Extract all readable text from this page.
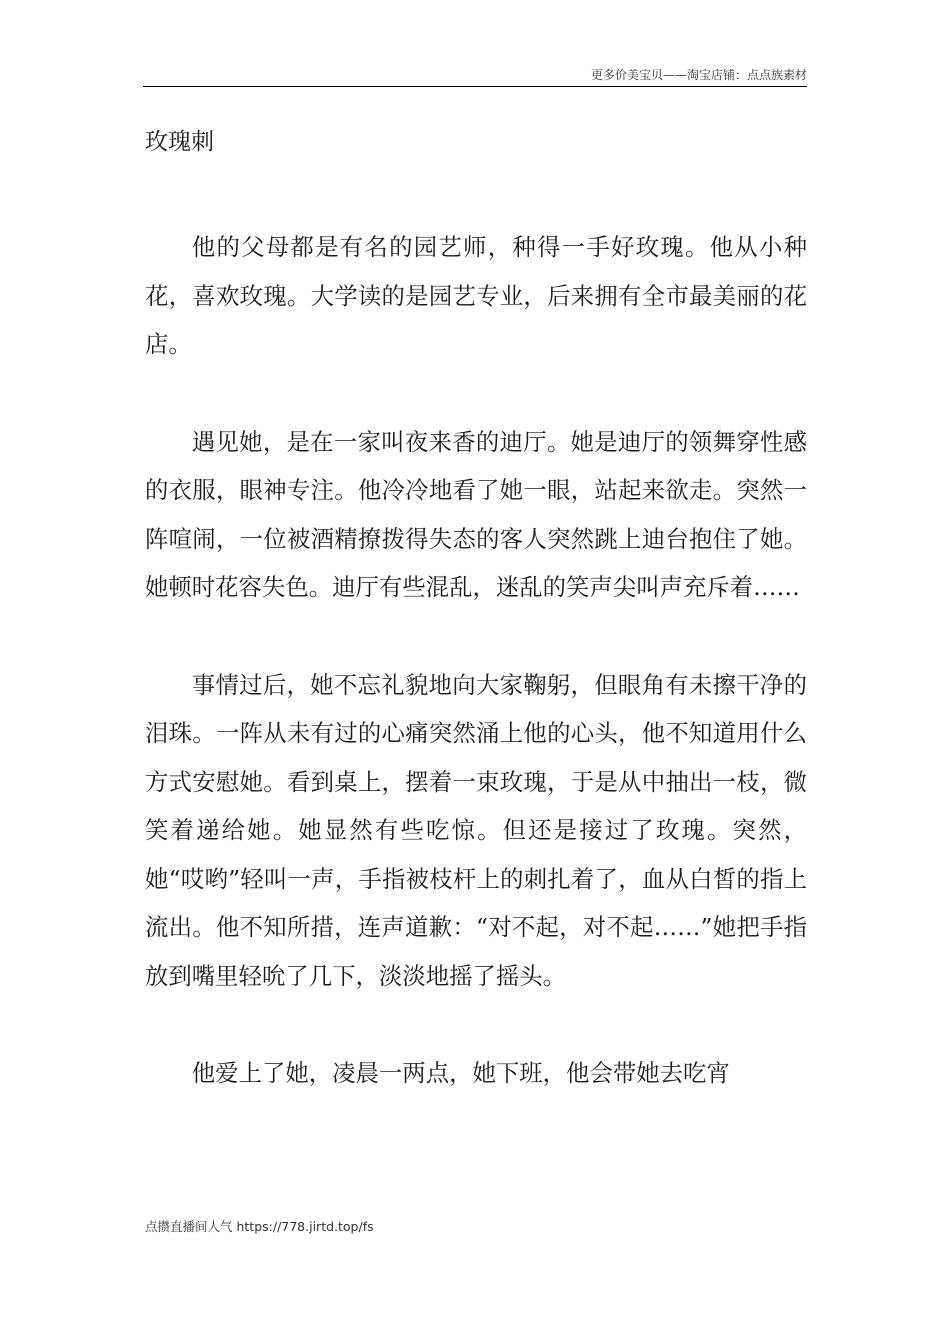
更多价美宝贝——淘宝店铺：点点族素材
玫瑰刺

他的父母都是有名的园艺师，种得一手好玫瑰。他从小种花，喜欢玫瑰。大学读的是园艺专业，后来拥有全市最美丽的花店。

遇见她，是在一家叫夜来香的迪厅。她是迪厅的领舞穿性感的衣服，眼神专注。他冷冷地看了她一眼，站起来欲走。突然一阵喧闹，一位被酒精撩拨得失态的客人突然跳上迪台抱住了她。她顿时花容失色。迪厅有些混乱，迷乱的笑声尖叫声充斥着……

事情过后，她不忘礼貌地向大家鞠躬，但眼角有未擦干净的泪珠。一阵从未有过的心痛突然涌上他的心头，他不知道用什么方式安慰她。看到桌上，摆着一束玫瑰，于是从中抽出一枝，微笑着递给她。她显然有些吃惊。但还是接过了玫瑰。突然，她“哎哟”轻叫一声，手指被枝杆上的刺扎着了，血从白皙的指上流出。他不知所措，连声道歉：“对不起，对不起……”她把手指放到嘴里轻吮了几下，淡淡地摇了摇头。

他爱上了她，凌晨一两点，她下班，他会带她去吃宵

点攒直播间人气 https://778.jirtd.top/fs
